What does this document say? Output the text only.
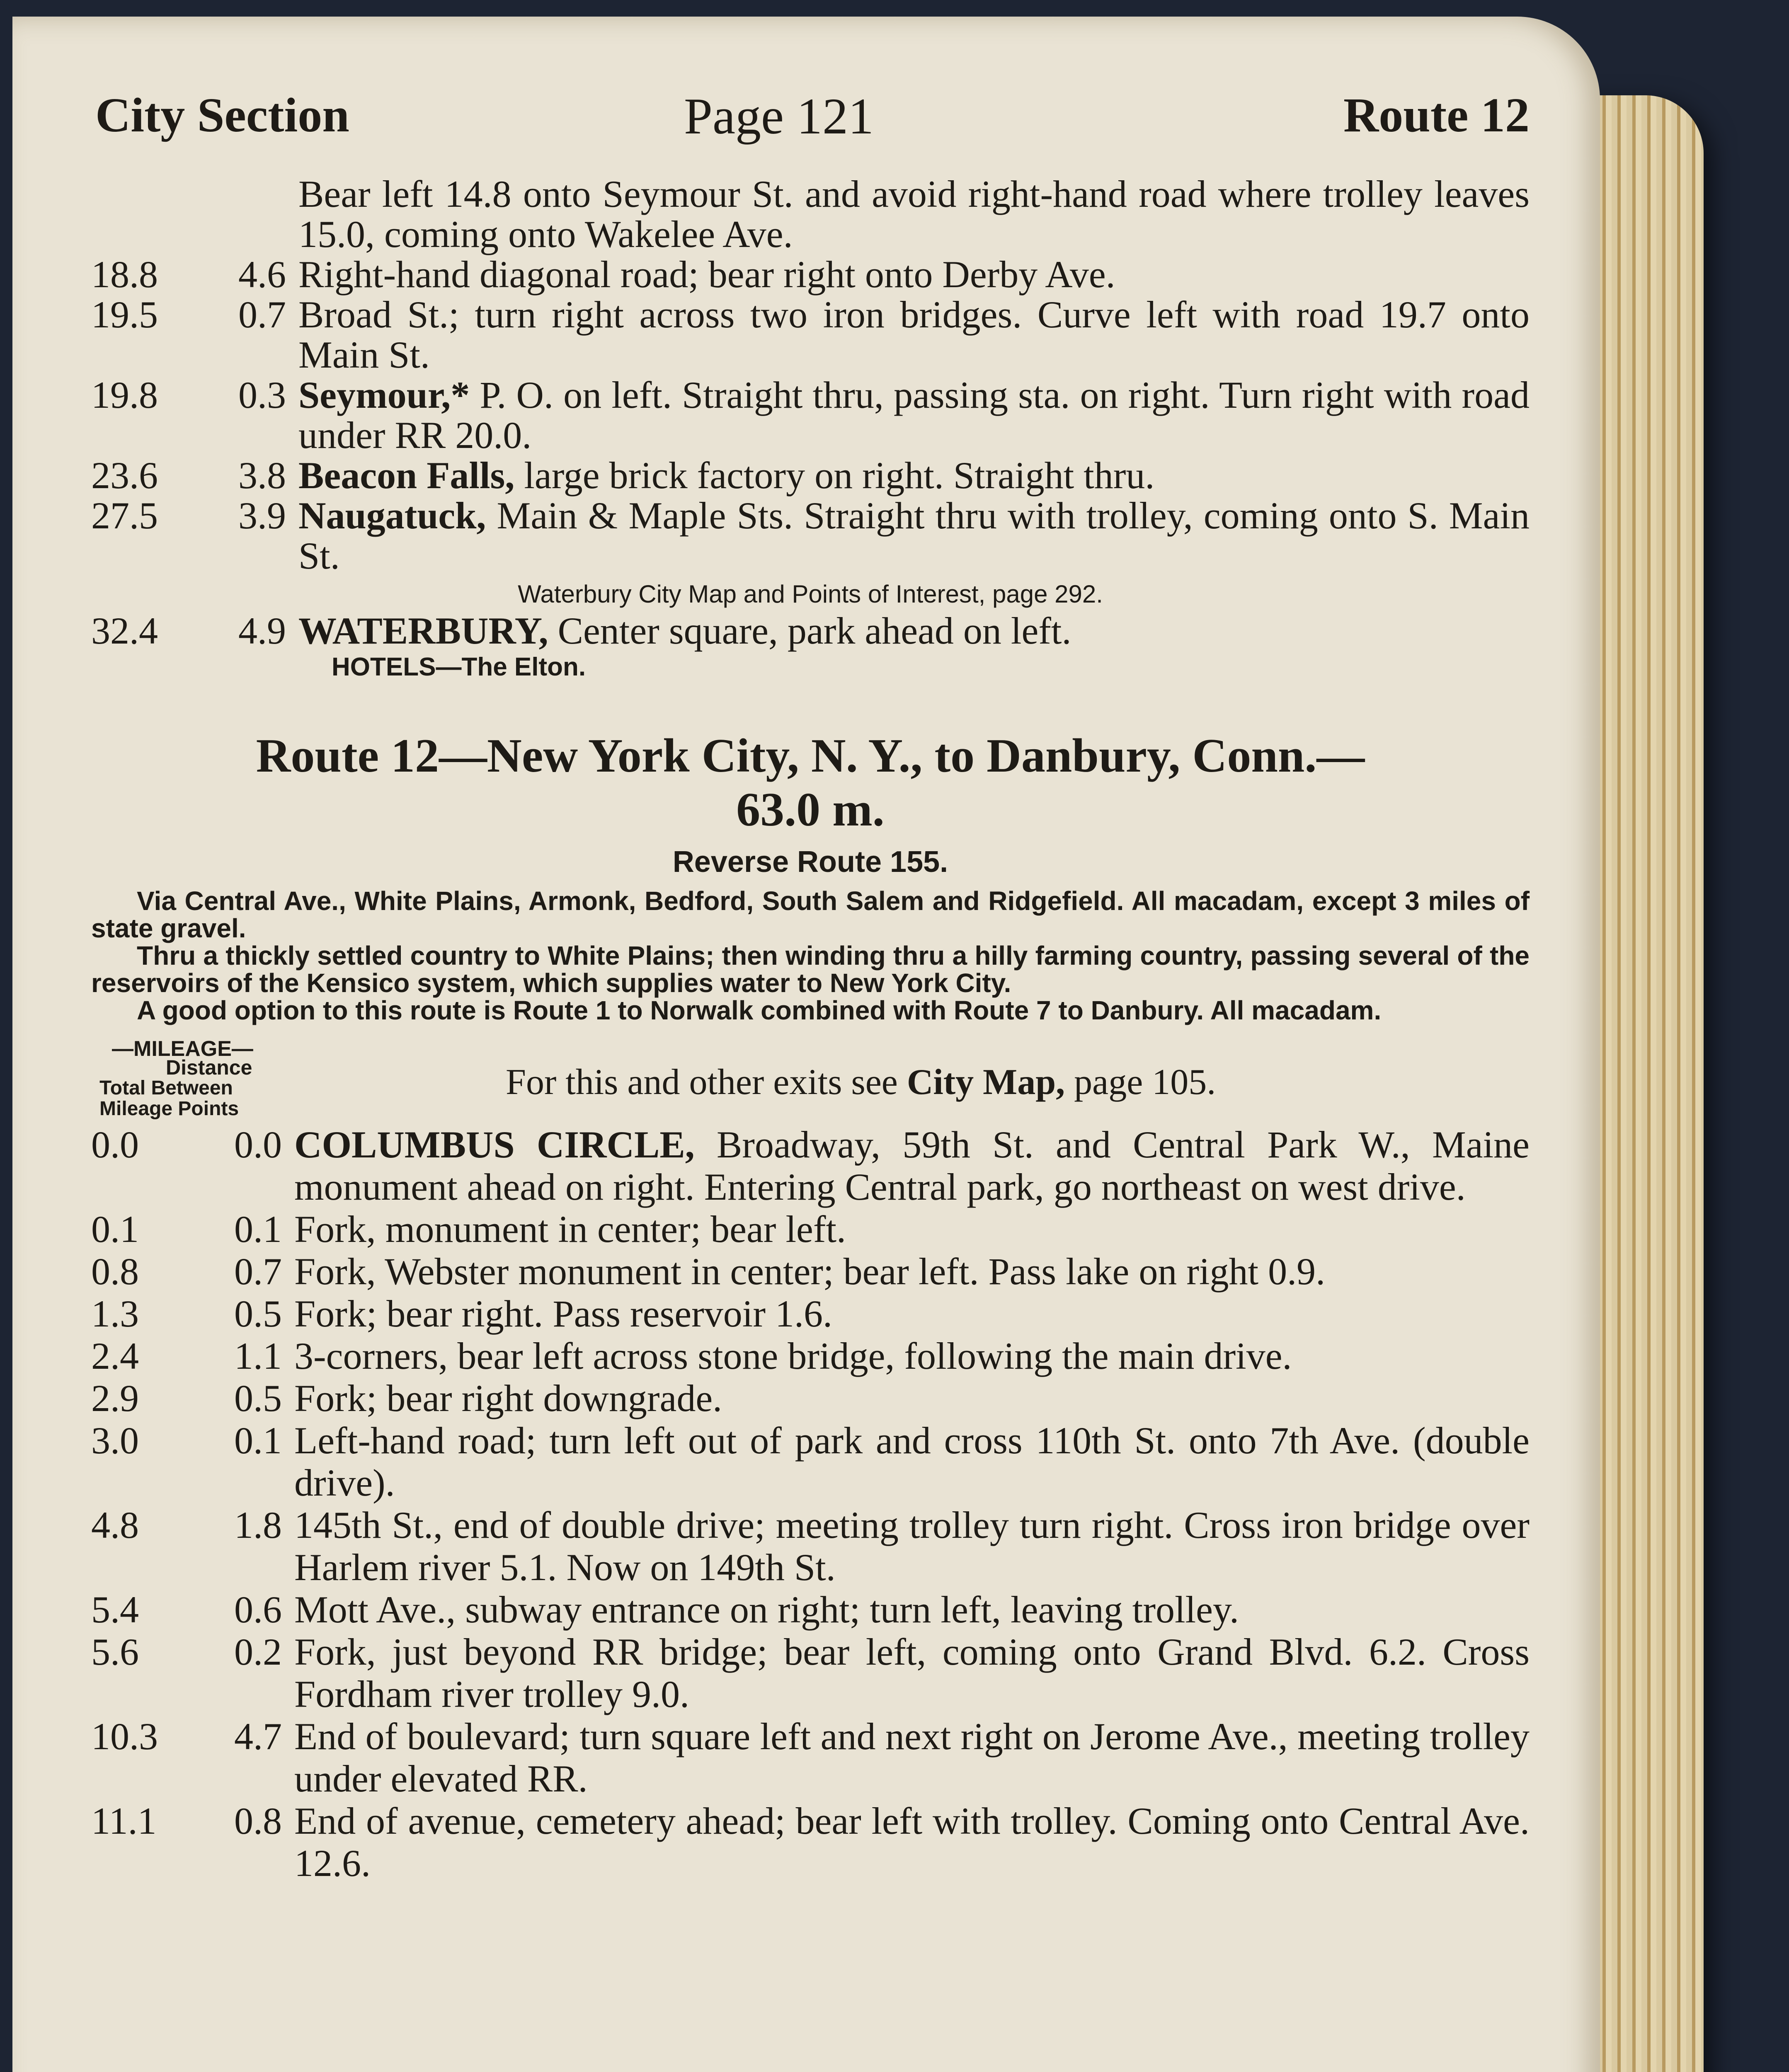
City Section	Page 121	Route 12
Bear left 14.8 onto Seymour St. and avoid right-hand road where trolley leaves 15.0, coming onto Wakelee Ave.
18.8	4.6 Right-hand diagonal road; bear right onto Derby Ave.
19.5	0.7 Broad St.; turn right across two iron bridges. Curve left with road 19.7 onto Main St.
19.8	0.3 Seymour,* P. O. on left. Straight thru, passing sta. on right. Turn right with road under RR 20.0.
23.6	3.8 Beacon Falls, large brick factory on right. Straight thru.
27.5	3.9 Naugatuck, Main & Maple Sts. Straight thru with trolley, coming onto S. Main St.
Waterbury City Map and Points of Interest, page 292.
32.4	4.9 WATERBURY, Center square, park ahead on left.
HOTELS—The Elton.
Route 12—New York City, N. Y., to Danbury, Conn.—
63.0 m.
Reverse Route 155.

Via Central Ave., White Plains, Armonk, Bedford, South Salem and Ridgefield. All macadam, except 3 miles of state gravel.

Thru a thickly settled country to White Plains; then winding thru a hilly farming country, passing several of the reservoirs of the Kensico system, which supplies water to New York City.

A good option to this route is Route 1 to Norwalk combined with Route 7 to Danbury. All macadam.

—MILEAGE—
Distance
Total Between
Mileage Points
For this and other exits see City Map, page 105.
0.0	0.0 COLUMBUS CIRCLE, Broadway, 59th St. and Central Park W., Maine monument ahead on right. Entering Central park, go northeast on west drive.
0.1	0.1 Fork, monument in center; bear left.
0.8	0.7 Fork, Webster monument in center; bear left. Pass lake on right 0.9.
1.3	0.5 Fork; bear right. Pass reservoir 1.6.
2.4	1.1 3-corners, bear left across stone bridge, following the main drive.
2.9	0.5 Fork; bear right downgrade.
3.0	0.1 Left-hand road; turn left out of park and cross 110th St. onto 7th Ave. (double drive).
4.8	1.8 145th St., end of double drive; meeting trolley turn right. Cross iron bridge over Harlem river 5.1. Now on 149th St.
5.4	0.6 Mott Ave., subway entrance on right; turn left, leaving trolley.
5.6	0.2 Fork, just beyond RR bridge; bear left, coming onto Grand Blvd. 6.2. Cross Fordham river trolley 9.0.
10.3	4.7 End of boulevard; turn square left and next right on Jerome Ave., meeting trolley under elevated RR.
11.1	0.8 End of avenue, cemetery ahead; bear left with trolley. Coming onto Central Ave. 12.6.
